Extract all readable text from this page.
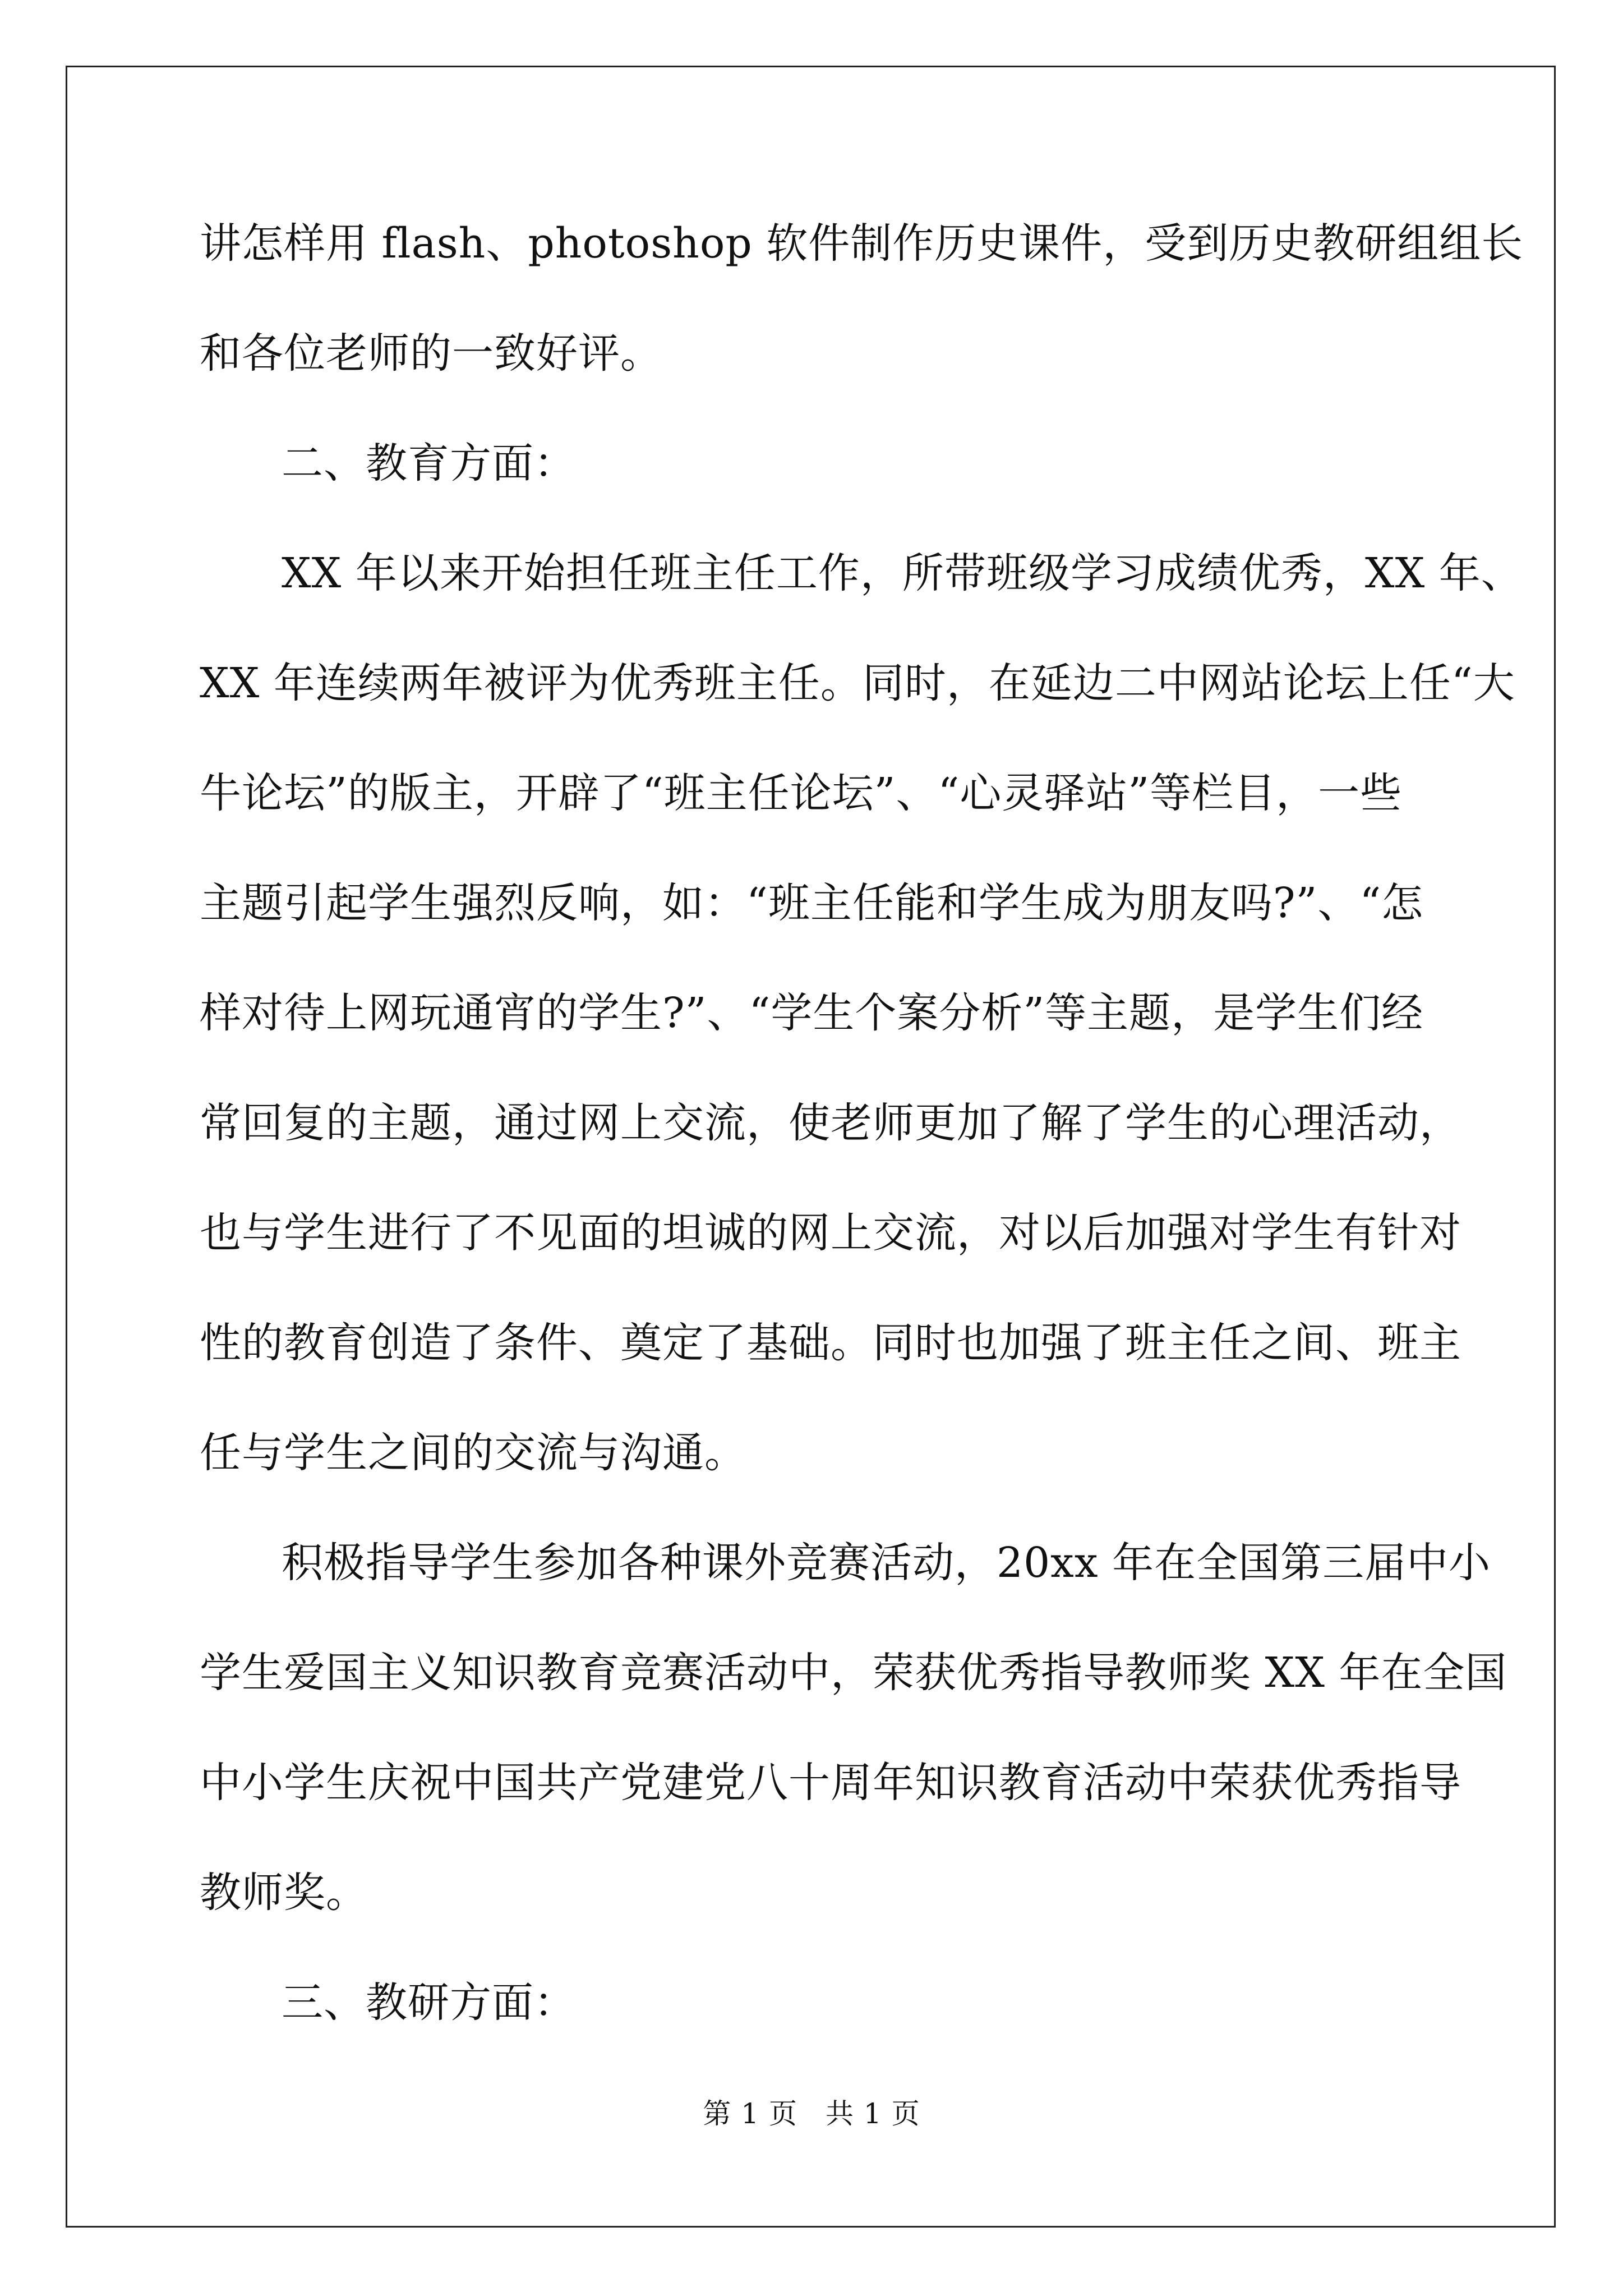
讲怎样用 flash、photoshop 软件制作历史课件，受到历史教研组组长
和各位老师的一致好评。
二、教育方面：
XX 年以来开始担任班主任工作，所带班级学习成绩优秀，XX 年、
XX 年连续两年被评为优秀班主任。同时，在延边二中网站论坛上任“大
牛论坛”的版主，开辟了“班主任论坛”、“心灵驿站”等栏目，一些
主题引起学生强烈反响，如：“班主任能和学生成为朋友吗?”、“怎
样对待上网玩通宵的学生?”、“学生个案分析”等主题，是学生们经
常回复的主题，通过网上交流，使老师更加了解了学生的心理活动，
也与学生进行了不见面的坦诚的网上交流，对以后加强对学生有针对
性的教育创造了条件、奠定了基础。同时也加强了班主任之间、班主
任与学生之间的交流与沟通。
积极指导学生参加各种课外竞赛活动，20xx 年在全国第三届中小
学生爱国主义知识教育竞赛活动中，荣获优秀指导教师奖 XX 年在全国
中小学生庆祝中国共产党建党八十周年知识教育活动中荣获优秀指导
教师奖。
三、教研方面：
第 1 页 共 1 页
